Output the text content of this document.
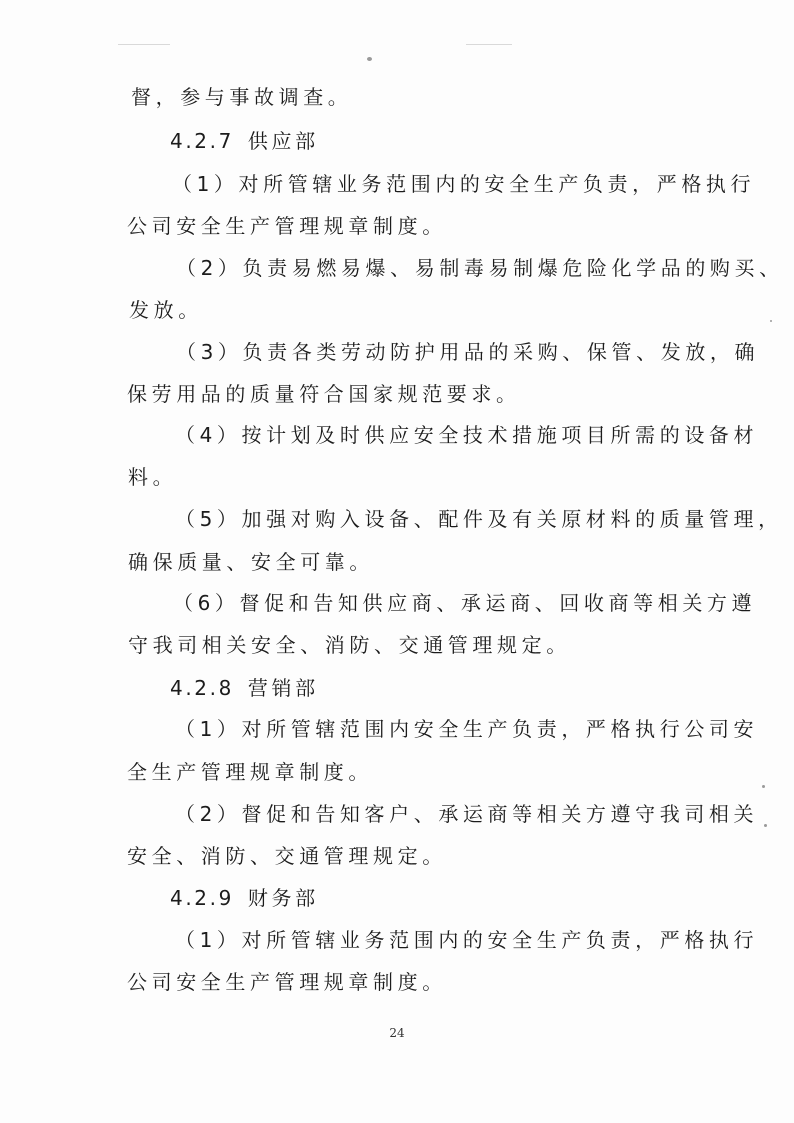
督，参与事故调查。

4.2.7 供应部

（1）对所管辖业务范围内的安全生产负责，严格执行

公司安全生产管理规章制度。

（2）负责易燃易爆、易制毒易制爆危险化学品的购买、

发放。

（3）负责各类劳动防护用品的采购、保管、发放，确

保劳用品的质量符合国家规范要求。

（4）按计划及时供应安全技术措施项目所需的设备材

料。

（5）加强对购入设备、配件及有关原材料的质量管理，

确保质量、安全可靠。

（6）督促和告知供应商、承运商、回收商等相关方遵

守我司相关安全、消防、交通管理规定。

4.2.8 营销部

（1）对所管辖范围内安全生产负责，严格执行公司安

全生产管理规章制度。

（2）督促和告知客户、承运商等相关方遵守我司相关

安全、消防、交通管理规定。

4.2.9 财务部

（1）对所管辖业务范围内的安全生产负责，严格执行

公司安全生产管理规章制度。

24
